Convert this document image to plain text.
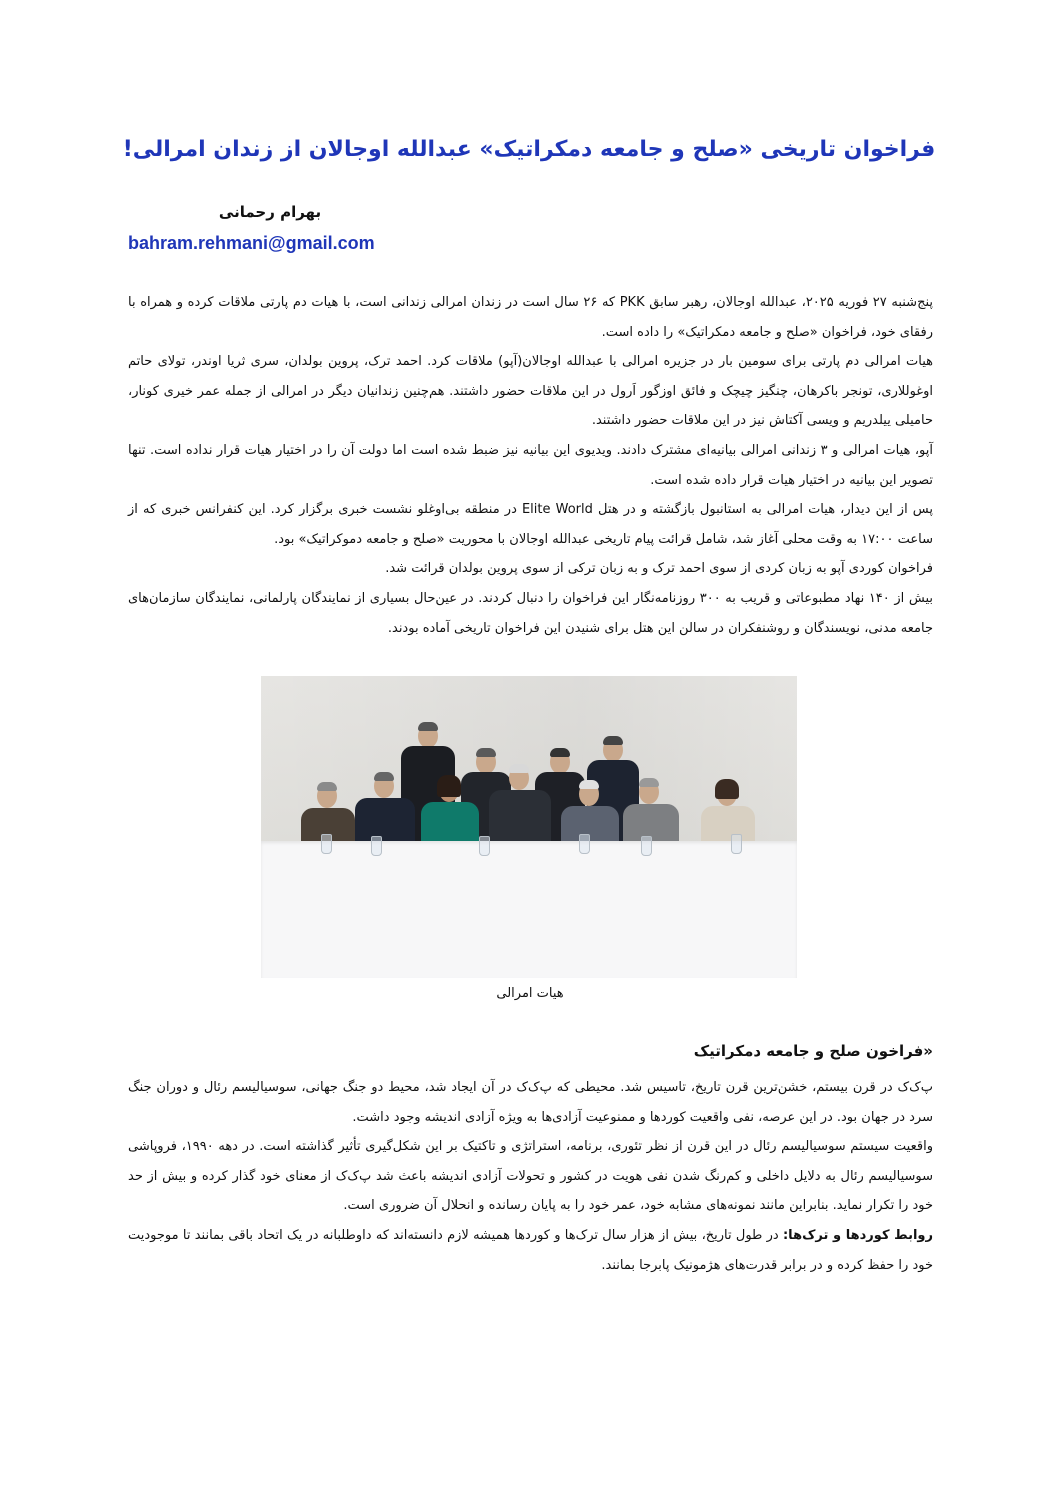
فراخوان تاریخی «صلح و جامعه دمکراتیک» عبدالله اوجالان از زندان امرالی!
بهرام رحمانی
bahram.rehmani@gmail.com

پنج‌شنبه ۲۷ فوریه ۲۰۲۵، عبدالله اوجالان، رهبر سابق PKK که ۲۶ سال است در زندان امرالی زندانی است، با هیات دم پارتی ملاقات کرده و همراه با رفقای خود، فراخوان «صلح و جامعه دمکراتیک» را داده است.

هیات امرالی دم پارتی برای سومین بار در جزیره امرالی با عبدالله اوجالان(آپو) ملاقات کرد. احمد ترک، پروین بولدان، سری ثریا اوندر، تولای حاتم اوغوللاری، تونجر باکرهان، چنگیز چیچک و فائق اوزگور اَرول در این ملاقات حضور داشتند. هم‌چنین زندانیان دیگر در امرالی از جمله عمر خیری کونار، حامیلی ییلدریم و ویسی آکتاش نیز در این ملاقات حضور داشتند.

آپو، هیات امرالی و ۳ زندانی امرالی بیانیه‌ای مشترک دادند. ویدیوی این بیانیه نیز ضبط شده است اما دولت آن را در اختیار هیات قرار نداده است. تنها تصویر این بیانیه در اختیار هیات قرار داده شده است.

پس از این دیدار، هیات امرالی به استانبول بازگشته و در هتل Elite World در منطقه بی‌اوغلو نشست خبری برگزار کرد. این کنفرانس خبری که از ساعت ۱۷:۰۰ به وقت محلی آغاز شد، شامل قرائت پیام تاریخی عبدالله اوجالان با محوریت «صلح و جامعه دموکراتیک» بود.

فراخوان کوردی آپو به زبان کردی از سوی احمد ترک و به زبان ترکی از سوی پروین بولدان قرائت شد.

بیش از ۱۴۰ نهاد مطبوعاتی و قریب به ۳۰۰ روزنامه‌نگار این فراخوان را دنبال کردند. در عین‌حال بسیاری از نمایندگان پارلمانی، نمایندگان سازمان‌های جامعه مدنی، نویسندگان و روشنفکران در سالن این هتل برای شنیدن این فراخوان تاریخی آماده بودند.

هیات امرالی
«فراخون صلح و جامعه دمکراتیک

پ‌ک‌ک در قرن بیستم، خشن‌ترین قرن تاریخ، تاسیس شد. محیطی که پ‌ک‌ک در آن ایجاد شد، محیط دو جنگ جهانی، سوسیالیسم رئال و دوران جنگ سرد در جهان بود. در این عرصه، نفی واقعیت کوردها و ممنوعیت آزادی‌ها به ویژه آزادی اندیشه وجود داشت.

واقعیت سیستم سوسیالیسم رئال در این قرن از نظر تئوری، برنامه، استراتژی و تاکتیک بر این شکل‌گیری تأثیر گذاشته است. در دهه ۱۹۹۰، فروپاشی سوسیالیسم رئال به دلایل داخلی و کم‌رنگ شدن نفی هویت در کشور و تحولات آزادی اندیشه باعث شد پ‌ک‌ک از معنای خود گذار کرده و بیش از حد خود را تکرار نماید. بنابراین مانند نمونه‌های مشابه خود، عمر خود را به پایان رسانده و انحلال آن ضروری است.

روابط کوردها و ترک‌ها: در طول تاریخ، بیش از هزار سال ترک‌ها و کوردها همیشه لازم دانسته‌اند که داوطلبانه در یک اتحاد باقی بمانند تا موجودیت خود را حفظ کرده و در برابر قدرت‌های هژمونیک پابرجا بمانند.
